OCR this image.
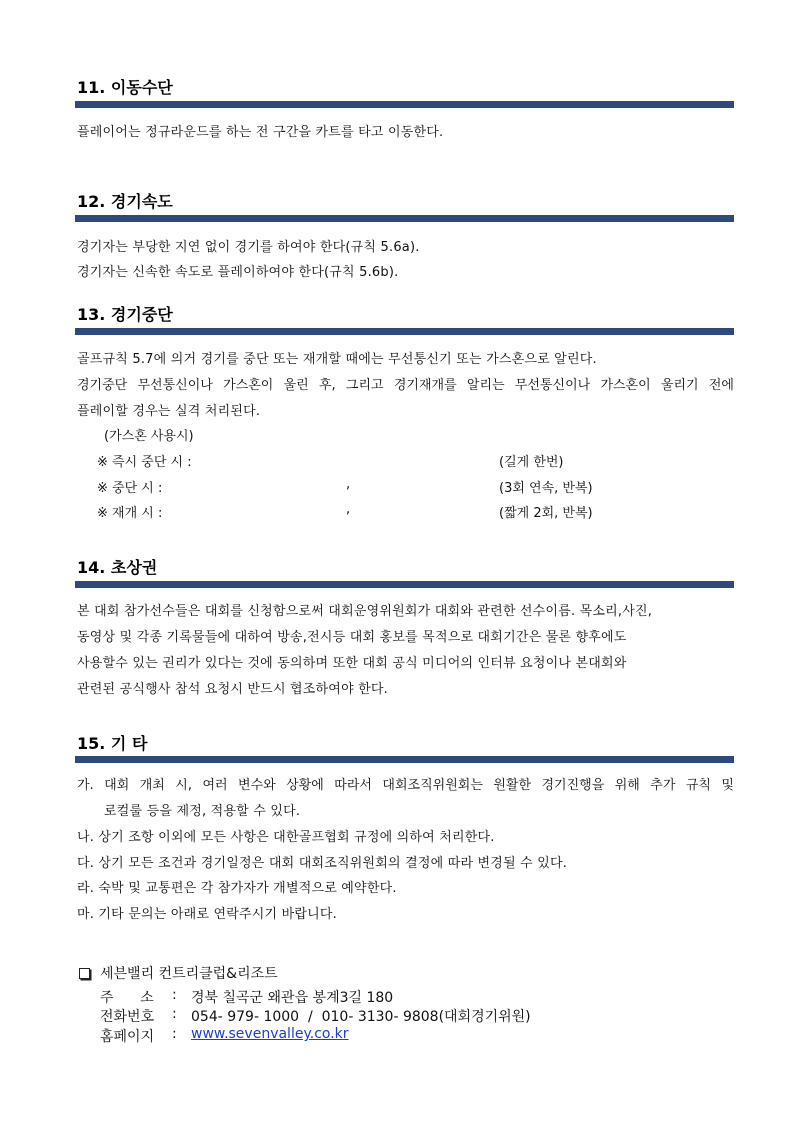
11. 이동수단
플레이어는 정규라운드를 하는 전 구간을 카트를 타고 이동한다.
12. 경기속도
경기자는 부당한 지연 없이 경기를 하여야 한다(규칙 5.6a).
경기자는 신속한 속도로 플레이하여야 한다(규칙 5.6b).
13. 경기중단
골프규칙 5.7에 의거 경기를 중단 또는 재개할 때에는 무선통신기 또는 가스혼으로 알린다.
경기중단 무선통신이나 가스혼이 울린 후, 그리고 경기재개를 알리는 무선통신이나 가스혼이 울리기 전에
플레이할 경우는 실격 처리된다.
(가스혼 사용시)
※ 즉시 중단 시 :	(길게 한번)
※ 중단 시 :	,	(3회 연속, 반복)
※ 재개 시 :	,	(짧게 2회, 반복)
14. 초상권
본 대회 참가선수들은 대회를 신청함으로써 대회운영위원회가 대회와 관련한 선수이름. 목소리,사진,
동영상 및 각종 기록물들에 대하여 방송,전시등 대회 홍보를 목적으로 대회기간은 물론 향후에도
사용할수 있는 권리가 있다는 것에 동의하며 또한 대회 공식 미디어의 인터뷰 요청이나 본대회와
관련된 공식행사 참석 요청시 반드시 협조하여야 한다.
15. 기 타
가. 대회 개최 시, 여러 변수와 상황에 따라서 대회조직위원회는 원활한 경기진행을 위해 추가 규칙 및
로컬룰 등을 제정, 적용할 수 있다.
나. 상기 조항 이외에 모든 사항은 대한골프협회 규정에 의하여 처리한다.
다. 상기 모든 조건과 경기일정은 대회 대회조직위원회의 결정에 따라 변경될 수 있다.
라. 숙박 및 교통편은 각 참가자가 개별적으로 예약한다.
마. 기타 문의는 아래로 연락주시기 바랍니다.
세븐밸리 컨트리클럽&리조트
주      소 : 경북 칠곡군 왜관읍 봉계3길 180
전화번호 : 054- 979- 1000  /  010- 3130- 9808(대회경기위원)
홈페이지 : www.sevenvalley.co.kr
